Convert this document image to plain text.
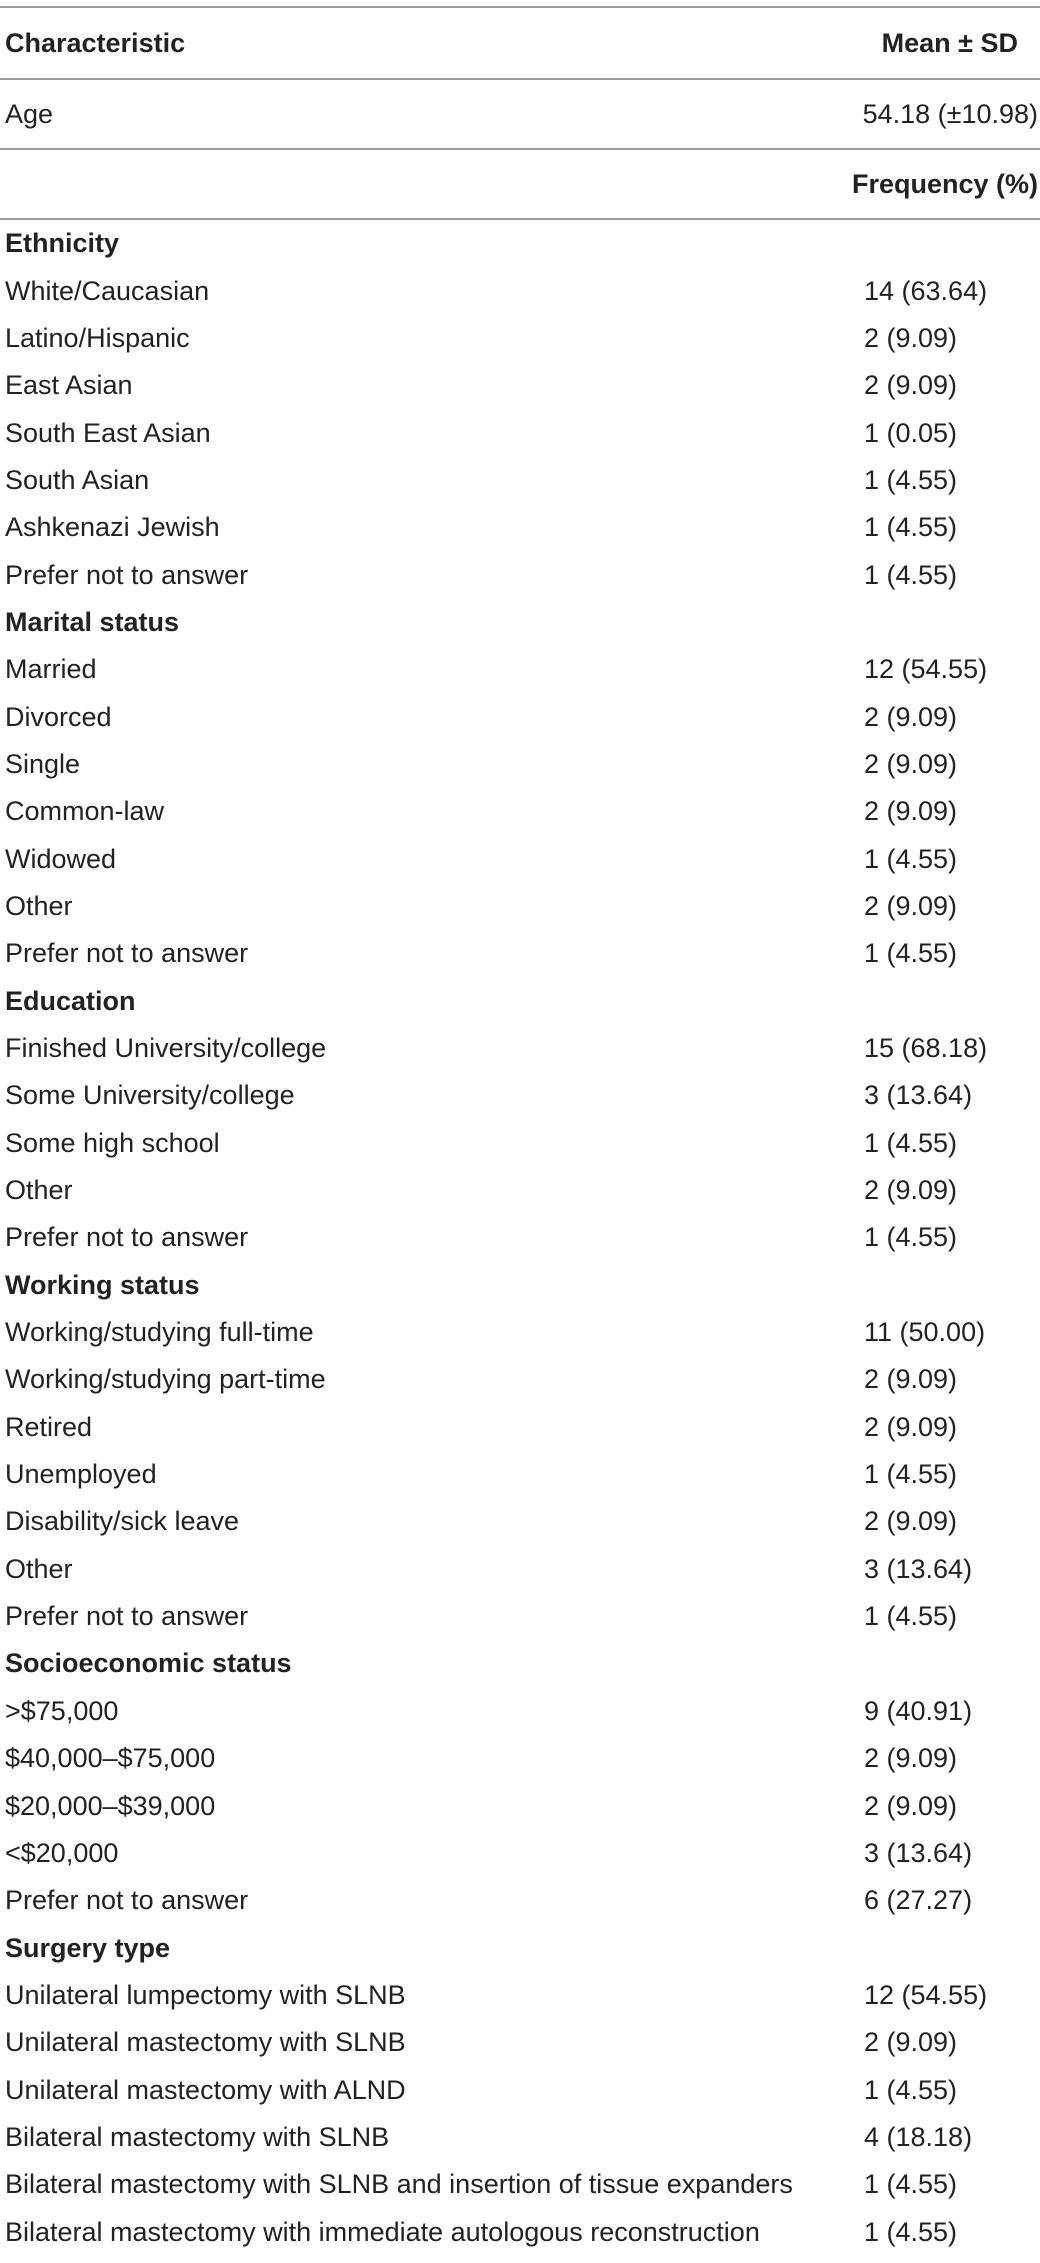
Characteristic	Mean ± SD
Age	54.18 (±10.98)
Frequency (%)
Ethnicity
White/Caucasian	14 (63.64)
Latino/Hispanic	2 (9.09)
East Asian	2 (9.09)
South East Asian	1 (0.05)
South Asian	1 (4.55)
Ashkenazi Jewish	1 (4.55)
Prefer not to answer	1 (4.55)
Marital status
Married	12 (54.55)
Divorced	2 (9.09)
Single	2 (9.09)
Common-law	2 (9.09)
Widowed	1 (4.55)
Other	2 (9.09)
Prefer not to answer	1 (4.55)
Education
Finished University/college	15 (68.18)
Some University/college	3 (13.64)
Some high school	1 (4.55)
Other	2 (9.09)
Prefer not to answer	1 (4.55)
Working status
Working/studying full-time	11 (50.00)
Working/studying part-time	2 (9.09)
Retired	2 (9.09)
Unemployed	1 (4.55)
Disability/sick leave	2 (9.09)
Other	3 (13.64)
Prefer not to answer	1 (4.55)
Socioeconomic status
>$75,000	9 (40.91)
$40,000–$75,000	2 (9.09)
$20,000–$39,000	2 (9.09)
<$20,000	3 (13.64)
Prefer not to answer	6 (27.27)
Surgery type
Unilateral lumpectomy with SLNB	12 (54.55)
Unilateral mastectomy with SLNB	2 (9.09)
Unilateral mastectomy with ALND	1 (4.55)
Bilateral mastectomy with SLNB	4 (18.18)
Bilateral mastectomy with SLNB and insertion of tissue expanders	1 (4.55)
Bilateral mastectomy with immediate autologous reconstruction	1 (4.55)
